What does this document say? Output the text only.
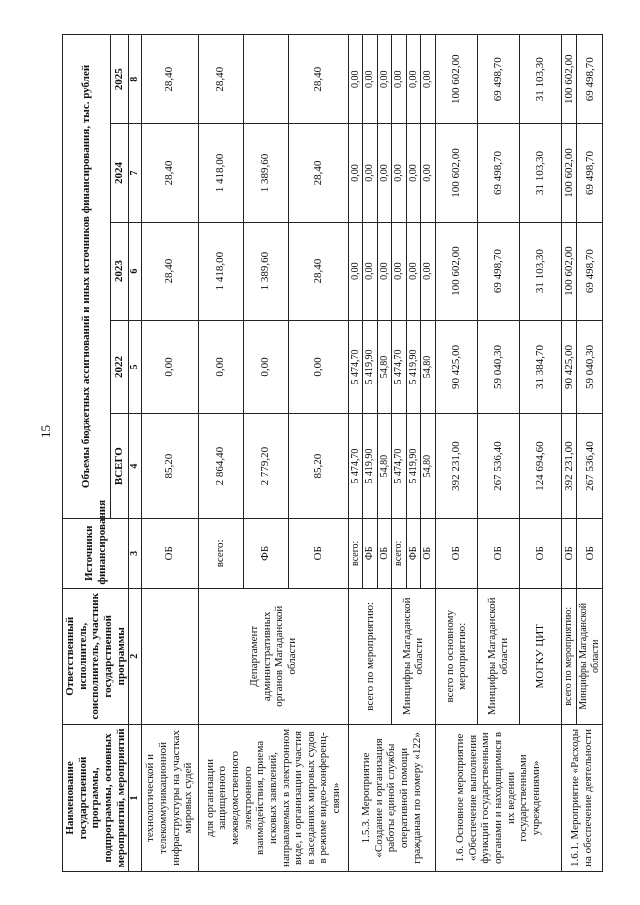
15
Наименование государственной программы, подпрограммы, основных мероприятий, мероприятий	Ответственный исполнитель, соисполнитель, участник государственной программы	Источники финансирования	Объемы бюджетных ассигнований и иных источников финансирования, тыс. рублей				
			ВСЕГО	2022	2023	2024	2025
1	2	3	4	5	6	7	8
технологической и телекоммуникационной инфраструктуры на участках мировых судей		ОБ	85,20	0,00	28,40	28,40	28,40
для организации защищенного межведомственного электронного взаимодействия, приема исковых заявлений, направляемых в электронном виде, и организации участия в заседаниях мировых судов в режиме видео-конференц-связи»	Департамент административных органов Магаданской области	всего:	2 864,40	0,00	1 418,00	1 418,00	28,40
		ФБ	2 779,20	0,00	1 389,60	1 389,60	
		ОБ	85,20	0,00	28,40	28,40	28,40
1.5.3. Мероприятие «Создание и организация работы единой службы оперативной помощи гражданам по номеру «122»	всего по мероприятию:	всего:	5 474,70	5 474,70	0,00	0,00	0,00
		ФБ	5 419,90	5 419,90	0,00	0,00	0,00
		ОБ	54,80	54,80	0,00	0,00	0,00
	Минцифры Магаданской области	всего:	5 474,70	5 474,70	0,00	0,00	0,00
		ФБ	5 419,90	5 419,90	0,00	0,00	0,00
		ОБ	54,80	54,80	0,00	0,00	0,00
1.6. Основное мероприятие «Обеспечение выполнения функций государственными органами и находящимися в их ведении государственными учреждениями»	всего по основному мероприятию:	ОБ	392 231,00	90 425,00	100 602,00	100 602,00	100 602,00
	Минцифры Магаданской области	ОБ	267 536,40	59 040,30	69 498,70	69 498,70	69 498,70
	МОГКУ ЦИТ	ОБ	124 694,60	31 384,70	31 103,30	31 103,30	31 103,30
1.6.1. Мероприятие «Расходы на обеспечение деятельности	всего по мероприятию:	ОБ	392 231,00	90 425,00	100 602,00	100 602,00	100 602,00
	Минцифры Магаданской области	ОБ	267 536,40	59 040,30	69 498,70	69 498,70	69 498,70
